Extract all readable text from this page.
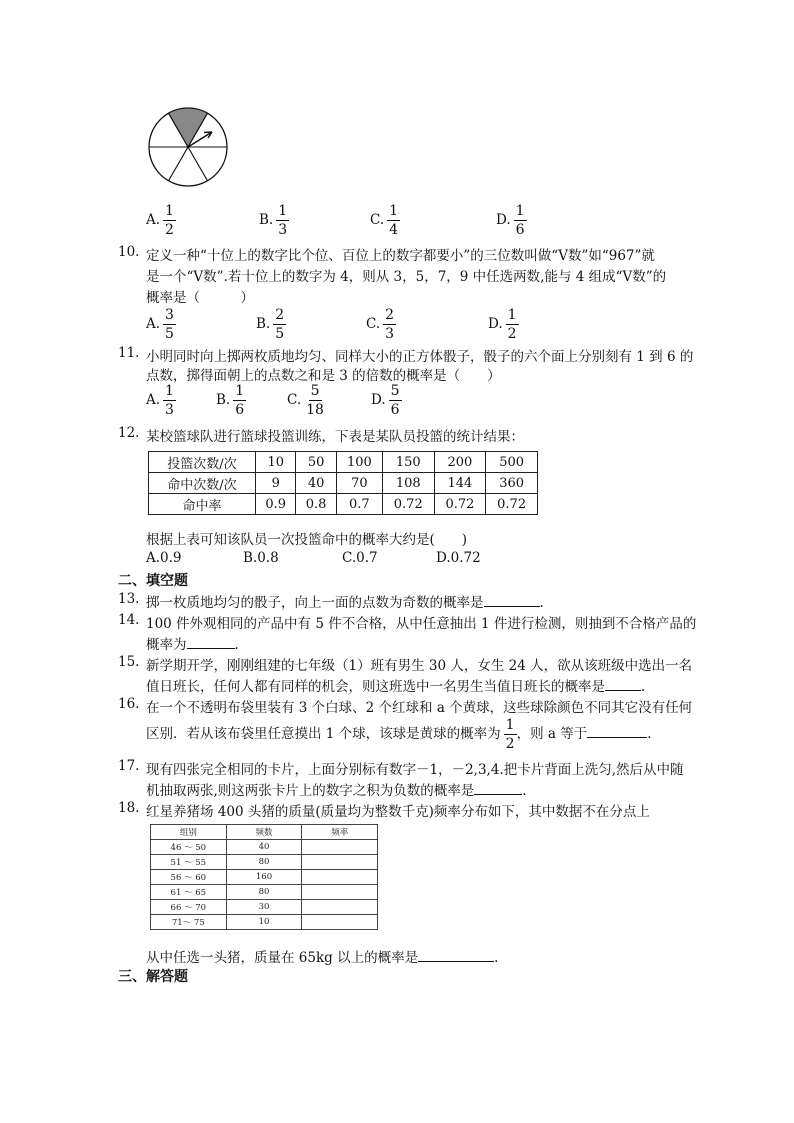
A. $\frac{1}{2}$	B. $\frac{1}{3}$	C. $\frac{1}{4}$	D. $\frac{1}{6}$
10. 定义一种“十位上的数字比个位、百位上的数字都要小”的三位数叫做“V数”如“967”就
是一个“V数”.若十位上的数字为 4，则从 3，5，7，9 中任选两数,能与 4 组成“V数”的
概率是（　　　）
A. $\frac{3}{5}$	B. $\frac{2}{5}$	C. $\frac{2}{3}$	D. $\frac{1}{2}$
11. 小明同时向上掷两枚质地均匀、同样大小的正方体骰子，骰子的六个面上分别刻有 1 到 6 的
点数，掷得面朝上的点数之和是 3 的倍数的概率是（　　）
A. $\frac{1}{3}$	B. $\frac{1}{6}$	C. $\frac{5}{18}$	D. $\frac{5}{6}$
12. 某校篮球队进行篮球投篮训练，下表是某队员投篮的统计结果：
投篮次数/次	10	50	100	150	200	500
命中次数/次	9	40	70	108	144	360
命中率	0.9	0.8	0.7	0.72	0.72	0.72
根据上表可知该队员一次投篮命中的概率大约是(　　)
A.0.9	B.0.8	C.0.7	D.0.72
二、填空题
13. 掷一枚质地均匀的骰子，向上一面的点数为奇数的概率是	.
14. 100 件外观相同的产品中有 5 件不合格，从中任意抽出 1 件进行检测，则抽到不合格产品的
概率为	.
15. 新学期开学，刚刚组建的七年级（1）班有男生 30 人，女生 24 人，欲从该班级中选出一名
值日班长，任何人都有同样的机会，则这班选中一名男生当值日班长的概率是	.
16. 在一个不透明布袋里装有 3 个白球、2 个红球和 a 个黄球，这些球除颜色不同其它没有任何
区别．若从该布袋里任意摸出 1 个球，该球是黄球的概率为 $\frac{1}{2}$ ，则 a 等于	.
17. 现有四张完全相同的卡片，上面分别标有数字－1，－2,3,4.把卡片背面上洗匀,然后从中随
机抽取两张,则这两张卡片上的数字之积为负数的概率是	.
18. 红星养猪场 400 头猪的质量(质量均为整数千克)频率分布如下，其中数据不在分点上
组别	频数	频率
46 ～ 50	40	
51 ～ 55	80	
56 ～ 60	160	
61 ～ 65	80	
66 ～ 70	30	
71～ 75	10	
从中任选一头猪，质量在 65kg 以上的概率是	.
三、解答题
